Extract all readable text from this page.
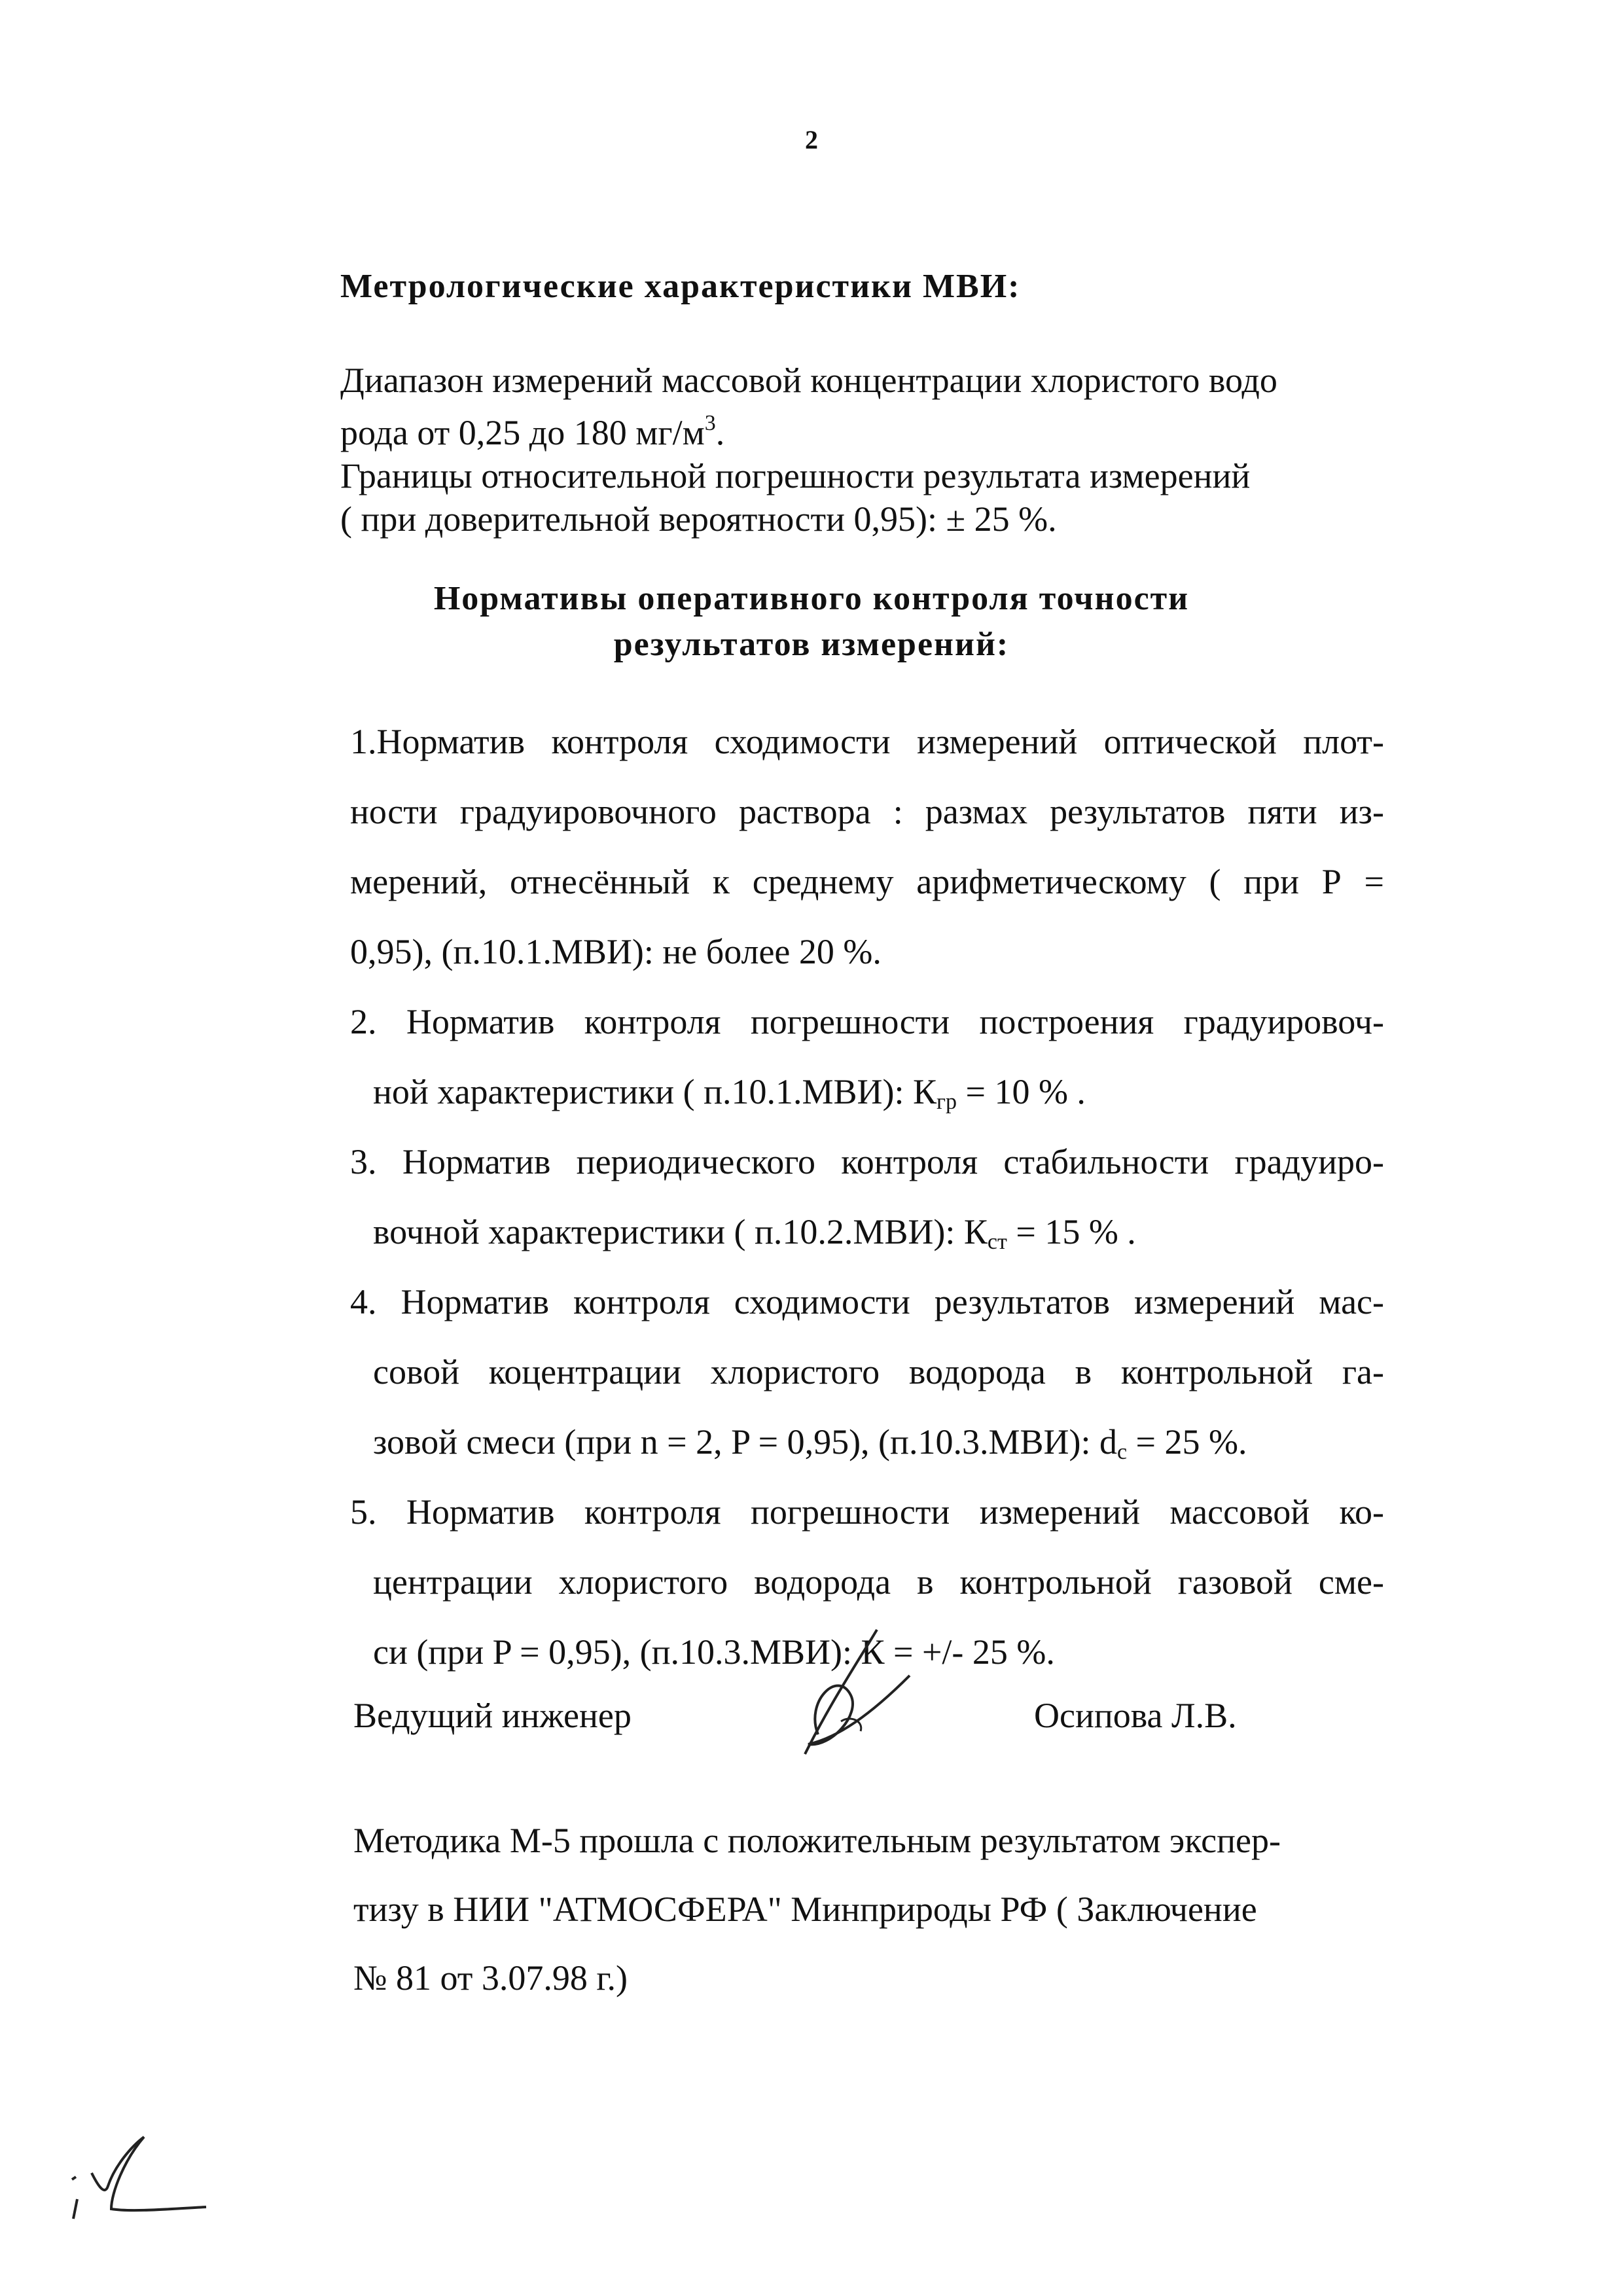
2
Метрологические характеристики МВИ:
Диапазон измерений массовой концентрации хлористого водо
рода от 0,25 до 180 $мг/м^3$.
Границы относительной погрешности результата измерений
( при доверительной вероятности 0,95): ± 25 %.
Нормативы оперативного контроля точности
результатов измерений:
1.Норматив контроля сходимости измерений оптической плот-
ности градуировочного раствора : размах результатов пяти из-
мерений, отнесённый к среднему арифметическому ( при Р =
0,95), (п.10.1.МВИ): не более 20 %.
2. Норматив контроля погрешности построения градуировоч-
ной характеристики ( п.10.1.МВИ): $К_{гр} = 10$ % .
3. Норматив периодического контроля стабильности градуиро-
вочной характеристики ( п.10.2.МВИ): $К_{ст} = 15$ % .
4. Норматив контроля сходимости результатов измерений мас-
совой коцентрации хлористого водорода в контрольной га-
зовой смеси (при n = 2, P = 0,95), (п.10.3.МВИ): $d_c = 25$ %.
5. Норматив контроля погрешности измерений массовой ко-
центрации хлористого водорода в контрольной газовой сме-
си (при P = 0,95), (п.10.3.МВИ): К = +/- 25 %.
Ведущий инженер	Осипова Л.В.
Методика М-5 прошла с положительным результатом экспер-
тизу в НИИ "АТМОСФЕРА" Минприроды РФ ( Заключение
№ 81 от 3.07.98 г.)
